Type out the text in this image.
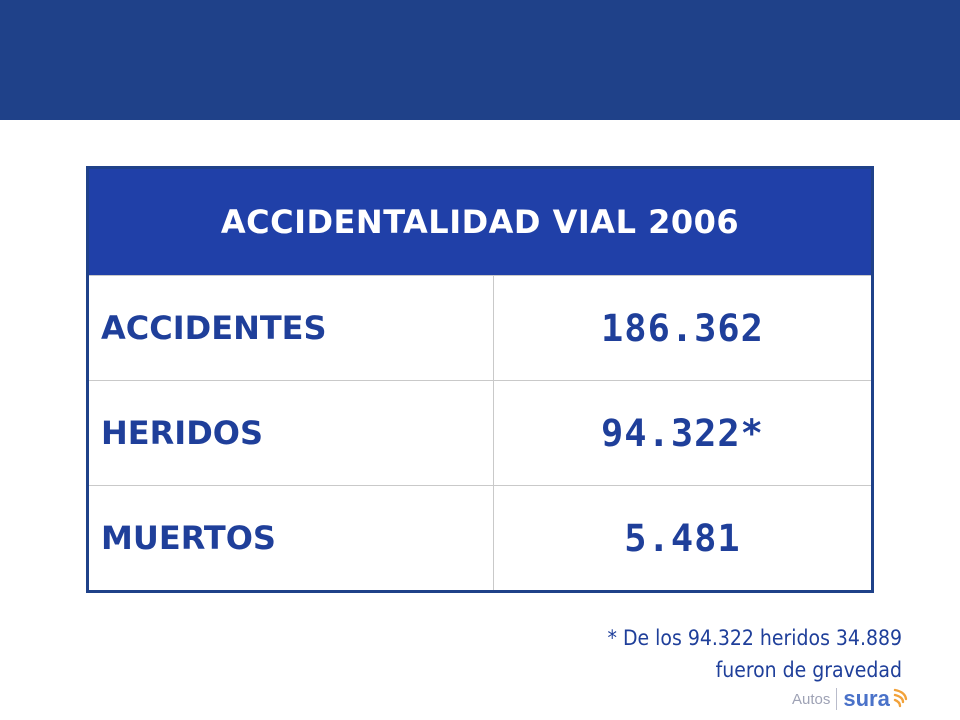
ACCIDENTALIDAD VIAL 2006	
ACCIDENTES	186.362
HERIDOS	94.322*
MUERTOS	5.481
* De los 94.322 heridos 34.889
fueron de gravedad
Autos sura
